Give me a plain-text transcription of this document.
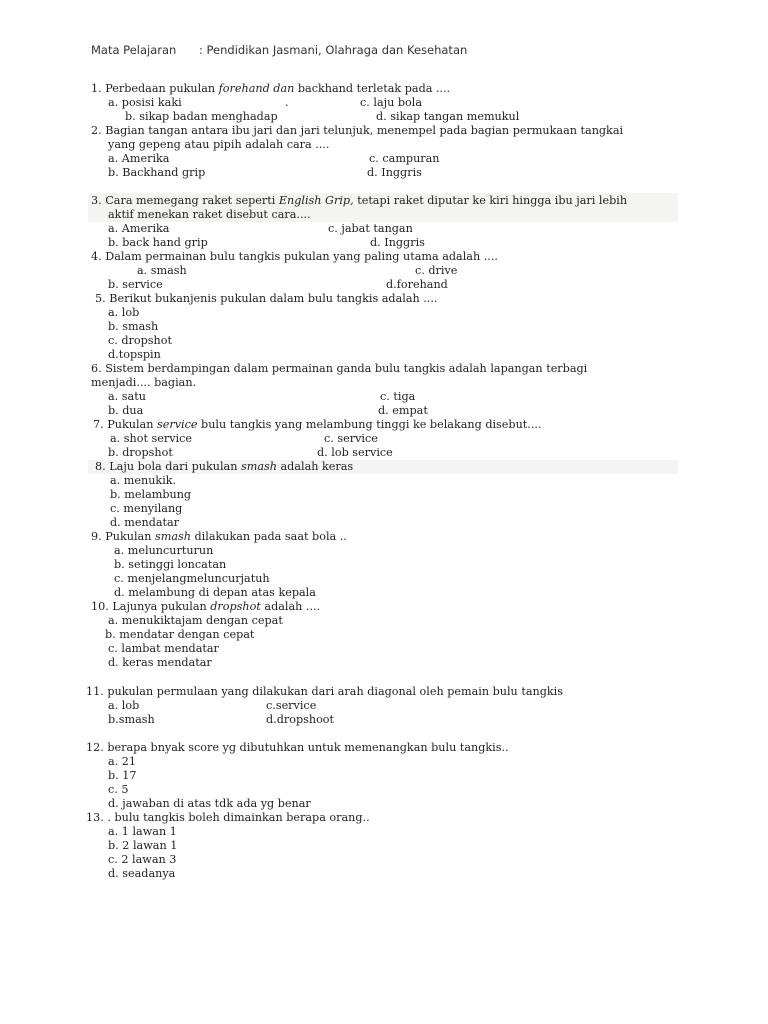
Mata Pelajaran : Pendidikan Jasmani, Olahraga dan Kesehatan
1. Perbedaan pukulan forehand dan backhand terletak pada ....
a. posisi kaki	.	c. laju bola
b. sikap badan menghadap	d. sikap tangan memukul
2. Bagian tangan antara ibu jari dan jari telunjuk, menempel pada bagian permukaan tangkai
yang gepeng atau pipih adalah cara ....
a. Amerika	c. campuran
b. Backhand grip	d. Inggris
3. Cara memegang raket seperti English Grip, tetapi raket diputar ke kiri hingga ibu jari lebih
aktif menekan raket disebut cara....
a. Amerika	c. jabat tangan
b. back hand grip	d. Inggris
4. Dalam permainan bulu tangkis pukulan yang paling utama adalah ....
a. smash	c. drive
b. service	d.forehand
5. Berikut bukanjenis pukulan dalam bulu tangkis adalah ....
a. lob
b. smash
c. dropshot
d.topspin
6. Sistem berdampingan dalam permainan ganda bulu tangkis adalah lapangan terbagi
menjadi.... bagian.
a. satu	c. tiga
b. dua	d. empat
7. Pukulan service bulu tangkis yang melambung tinggi ke belakang disebut....
a. shot service	c. service
b. dropshot	d. lob service
8. Laju bola dari pukulan smash adalah keras
a. menukik.
b. melambung
c. menyilang
d. mendatar
9. Pukulan smash dilakukan pada saat bola ..
a. meluncurturun
b. setinggi loncatan
c. menjelangmeluncurjatuh
d. melambung di depan atas kepala
10. Lajunya pukulan dropshot adalah ....
a. menukiktajam dengan cepat
b. mendatar dengan cepat
c. lambat mendatar
d. keras mendatar
11. pukulan permulaan yang dilakukan dari arah diagonal oleh pemain bulu tangkis
a. lob	c.service
b.smash	d.dropshoot
12. berapa bnyak score yg dibutuhkan untuk memenangkan bulu tangkis..
a. 21
b. 17
c. 5
d. jawaban di atas tdk ada yg benar
13. . bulu tangkis boleh dimainkan berapa orang..
a. 1 lawan 1
b. 2 lawan 1
c. 2 lawan 3
d. seadanya
